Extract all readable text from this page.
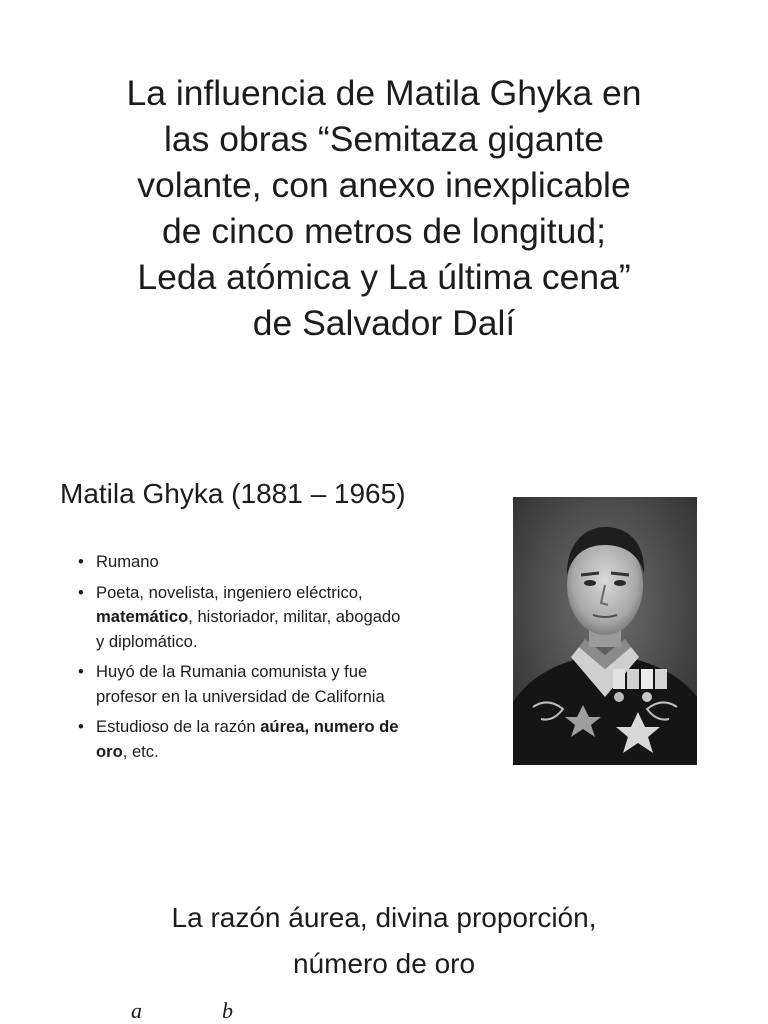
La influencia de Matila Ghyka en
las obras “Semitaza gigante
volante, con anexo inexplicable
de cinco metros de longitud;
Leda atómica y La última cena”
de Salvador Dalí
Matila Ghyka (1881 – 1965)
• Rumano
• Poeta, novelista, ingeniero eléctrico, matemático, historiador, militar, abogado y diplomático.
• Huyó de la Rumania comunista y fue profesor en la universidad de California
• Estudioso de la razón aúrea, numero de oro, etc.
La razón áurea, divina proporción,
número de oro
a	b
